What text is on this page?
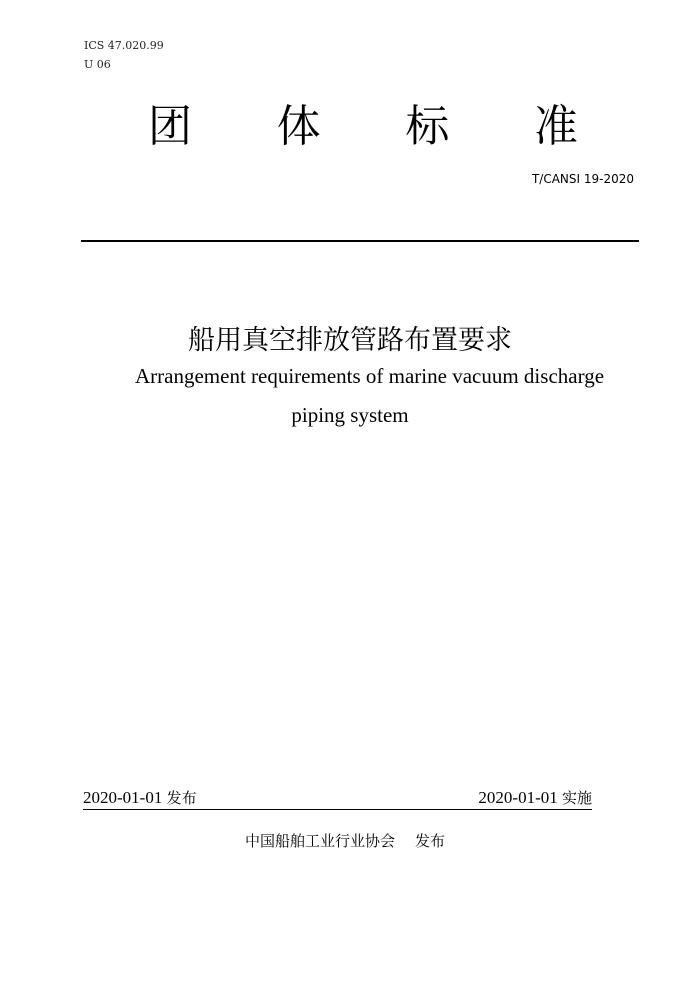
ICS 47.020.99
U 06
团 体 标 准
T/CANSI 19-2020
船用真空排放管路布置要求
Arrangement requirements of marine vacuum discharge
piping system
2020-01-01 发布	2020-01-01 实施
中国船舶工业行业协会 发布
